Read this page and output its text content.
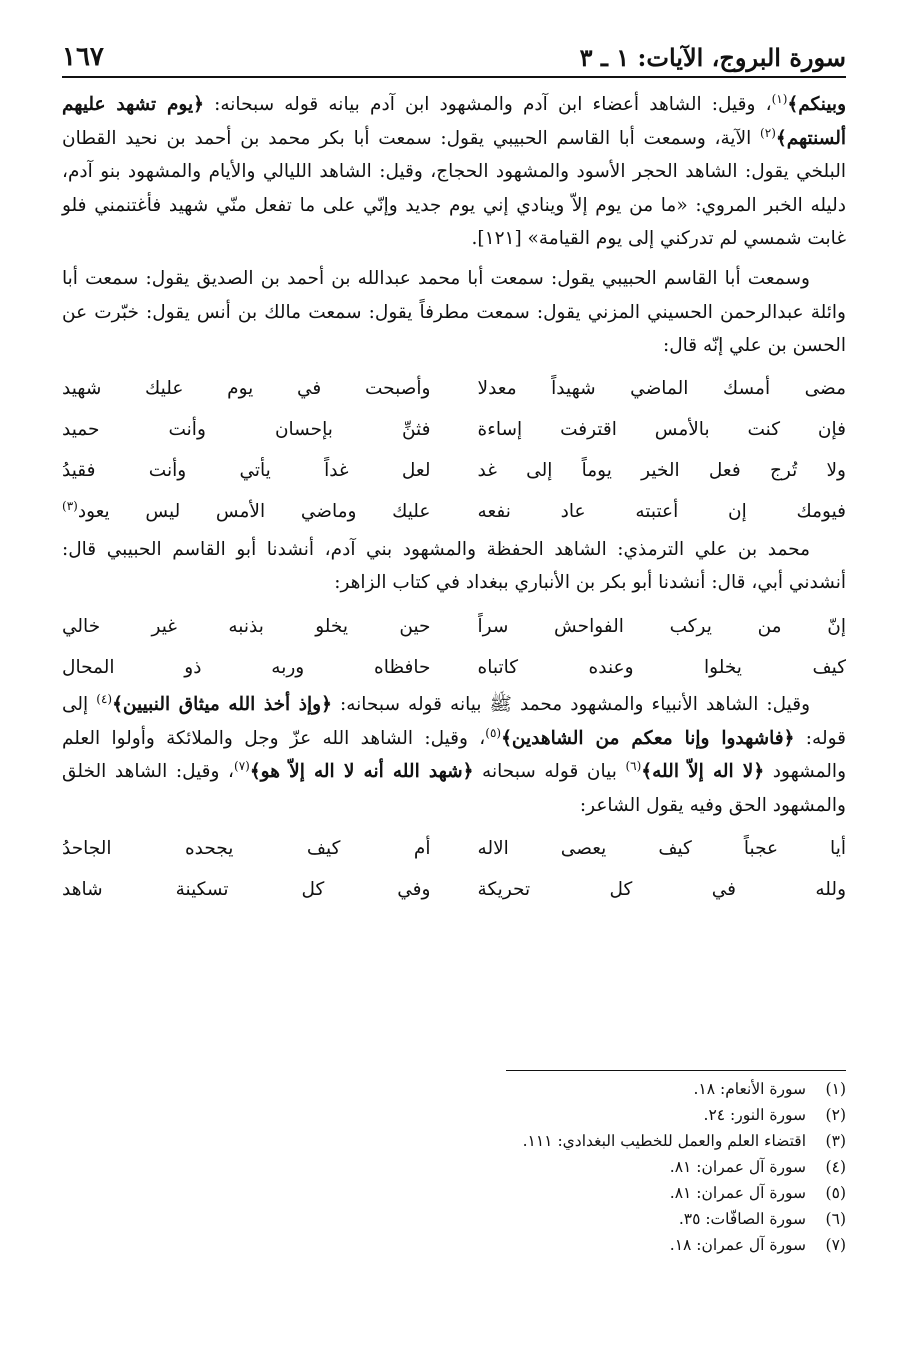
١٦٧	سورة البروج، الآيات: ١ ـ ٣

وبينكم﴾$^{(١)}$، وقيل: الشاهد أعضاء ابن آدم والمشهود ابن آدم بيانه قوله سبحانه: ﴿يوم تشهد عليهم ألسنتهم﴾$^{(٢)}$ الآية، وسمعت أبا القاسم الحبيبي يقول: سمعت أبا بكر محمد بن أحمد بن نحيد القطان البلخي يقول: الشاهد الحجر الأسود والمشهود الحجاج، وقيل: الشاهد الليالي والأيام والمشهود بنو آدم، دليله الخبر المروي: «ما من يوم إلاّ وينادي إني يوم جديد وإنّي على ما تفعل منّي شهيد فأغتنمني فلو غابت شمسي لم تدركني إلى يوم القيامة» [١٢١].

وسمعت أبا القاسم الحبيبي يقول: سمعت أبا محمد عبدالله بن أحمد بن الصديق يقول: سمعت أبا وائلة عبدالرحمن الحسيني المزني يقول: سمعت مطرفاً يقول: سمعت مالك بن أنس يقول: خبّرت عن الحسن بن علي إنّه قال:

مضى أمسك الماضي شهيداً معدلا
وأصبحت في يوم عليك شهيد
فإن كنت بالأمس اقترفت إساءة
فثنِّ بإحسان وأنت حميد
ولا تُرج فعل الخير يوماً إلى غد
لعل غداً يأتي وأنت فقيدُ
فيومك إن أعتبته عاد نفعه
عليك وماضي الأمس ليس يعود$^{(٣)}$

محمد بن علي الترمذي: الشاهد الحفظة والمشهود بني آدم، أنشدنا أبو القاسم الحبيبي قال: أنشدني أبي، قال: أنشدنا أبو بكر بن الأنباري ببغداد في كتاب الزاهر:

إنّ من يركب الفواحش سراً
حين يخلو بذنبه غير خالي
كيف يخلوا وعنده كاتباه
حافظاه وربه ذو المحال

وقيل: الشاهد الأنبياء والمشهود محمد ﷺ بيانه قوله سبحانه: ﴿وإذ أخذ الله ميثاق النبيين﴾$^{(٤)}$ إلى قوله: ﴿فاشهدوا وإنا معكم من الشاهدين﴾$^{(٥)}$، وقيل: الشاهد الله عزّ وجل والملائكة وأولوا العلم والمشهود ﴿لا اله إلاّ الله﴾$^{(٦)}$ بيان قوله سبحانه ﴿شهد الله أنه لا اله إلاّ هو﴾$^{(٧)}$، وقيل: الشاهد الخلق والمشهود الحق وفيه يقول الشاعر:

أيا عجباً كيف يعصى الاله
أم كيف يجحده الجاحدُ
ولله في كل تحريكة
وفي كل تسكينة شاهد
(١)
سورة الأنعام: ١٨.
(٢)
سورة النور: ٢٤.
(٣)
اقتضاء العلم والعمل للخطيب البغدادي: ١١١.
(٤)
سورة آل عمران: ٨١.
(٥)
سورة آل عمران: ٨١.
(٦)
سورة الصافّات: ٣٥.
(٧)
سورة آل عمران: ١٨.
